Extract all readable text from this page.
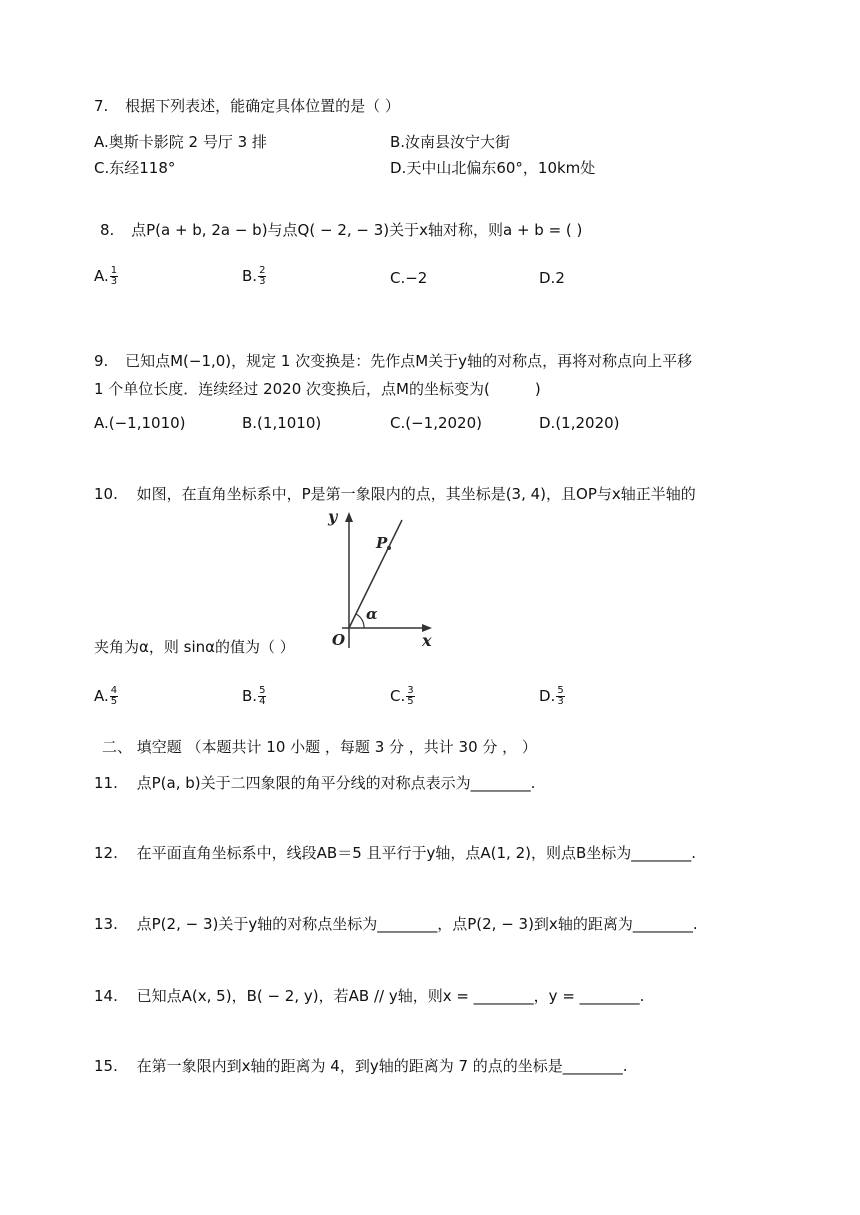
7. 根据下列表述，能确定具体位置的是（ ）
A.奥斯卡影院 2 号厅 3 排	B.汝南县汝宁大街
C.东经118°	D.天中山北偏东60°，10km处
8. 点P(a + b, 2a − b)与点Q( − 2, − 3)关于x轴对称，则a + b = ( )
A. $\frac{1}{3}$	B. $\frac{2}{3}$	C.−2	D.2
9. 已知点M(−1,0)，规定 1 次变换是：先作点M关于y轴的对称点，再将对称点向上平移
1 个单位长度．连续经过 2020 次变换后，点M的坐标变为(　　　)
A.(−1,1010)	B.(1,1010)	C.(−1,2020)	D.(1,2020)
10. 如图，在直角坐标系中，P是第一象限内的点，其坐标是(3, 4)，且OP与x轴正半轴的
y
x
O
P
α
夹角为α，则 sinα的值为（ ）
A. $\frac{4}{5}$	B. $\frac{5}{4}$	C. $\frac{3}{5}$	D. $\frac{5}{3}$
二、 填空题 （本题共计 10 小题 ，每题 3 分 ，共计 30 分 ， ）
11. 点P(a, b)关于二四象限的角平分线的对称点表示为________.
12. 在平面直角坐标系中，线段AB＝5 且平行于y轴，点A(1, 2)，则点B坐标为________.
13. 点P(2, − 3)关于y轴的对称点坐标为________，点P(2, − 3)到x轴的距离为________.
14. 已知点A(x, 5)，B( − 2, y)，若AB // y轴，则x = ________，y = ________.
15. 在第一象限内到x轴的距离为 4，到y轴的距离为 7 的点的坐标是________.
